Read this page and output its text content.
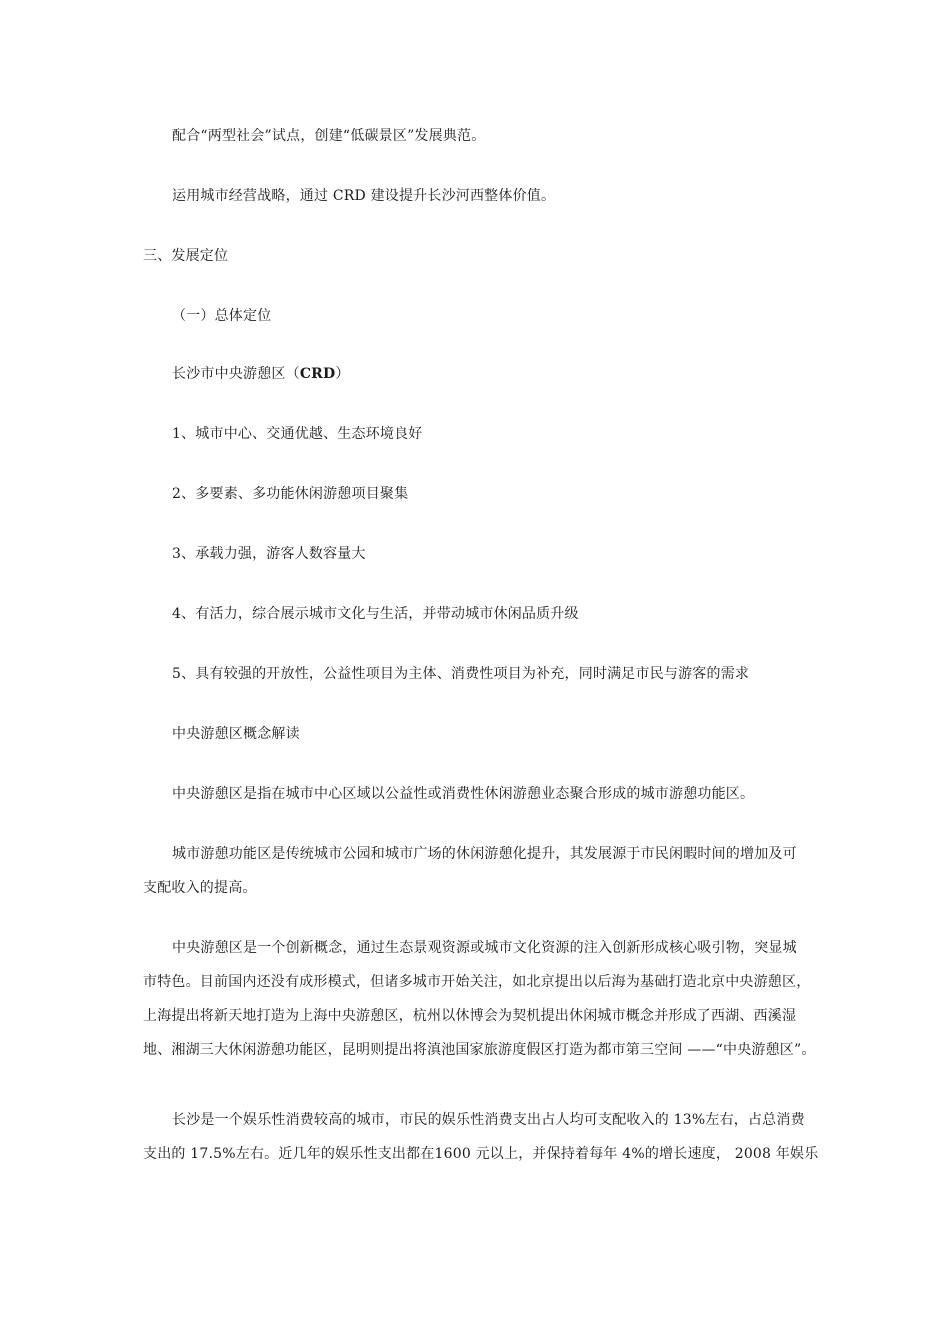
配合“两型社会”试点，创建“低碳景区”发展典范。
运用城市经营战略，通过 CRD 建设提升长沙河西整体价值。
三、发展定位
（一）总体定位
长沙市中央游憩区（CRD）
1、城市中心、交通优越、生态环境良好
2、多要素、多功能休闲游憩项目聚集
3、承载力强，游客人数容量大
4、有活力，综合展示城市文化与生活，并带动城市休闲品质升级
5、具有较强的开放性，公益性项目为主体、消费性项目为补充，同时满足市民与游客的需求
中央游憩区概念解读
中央游憩区是指在城市中心区域以公益性或消费性休闲游憩业态聚合形成的城市游憩功能区。
城市游憩功能区是传统城市公园和城市广场的休闲游憩化提升，其发展源于市民闲暇时间的增加及可
支配收入的提高。
中央游憩区是一个创新概念，通过生态景观资源或城市文化资源的注入创新形成核心吸引物，突显城
市特色。目前国内还没有成形模式，但诸多城市开始关注，如北京提出以后海为基础打造北京中央游憩区，
上海提出将新天地打造为上海中央游憩区，杭州以休博会为契机提出休闲城市概念并形成了西湖、西溪湿
地、湘湖三大休闲游憩功能区，昆明则提出将滇池国家旅游度假区打造为都市第三空间 ——“中央游憩区”。
长沙是一个娱乐性消费较高的城市，市民的娱乐性消费支出占人均可支配收入的 13%左右，占总消费
支出的 17.5%左右。近几年的娱乐性支出都在1600 元以上，并保持着每年 4%的增长速度， 2008 年娱乐
